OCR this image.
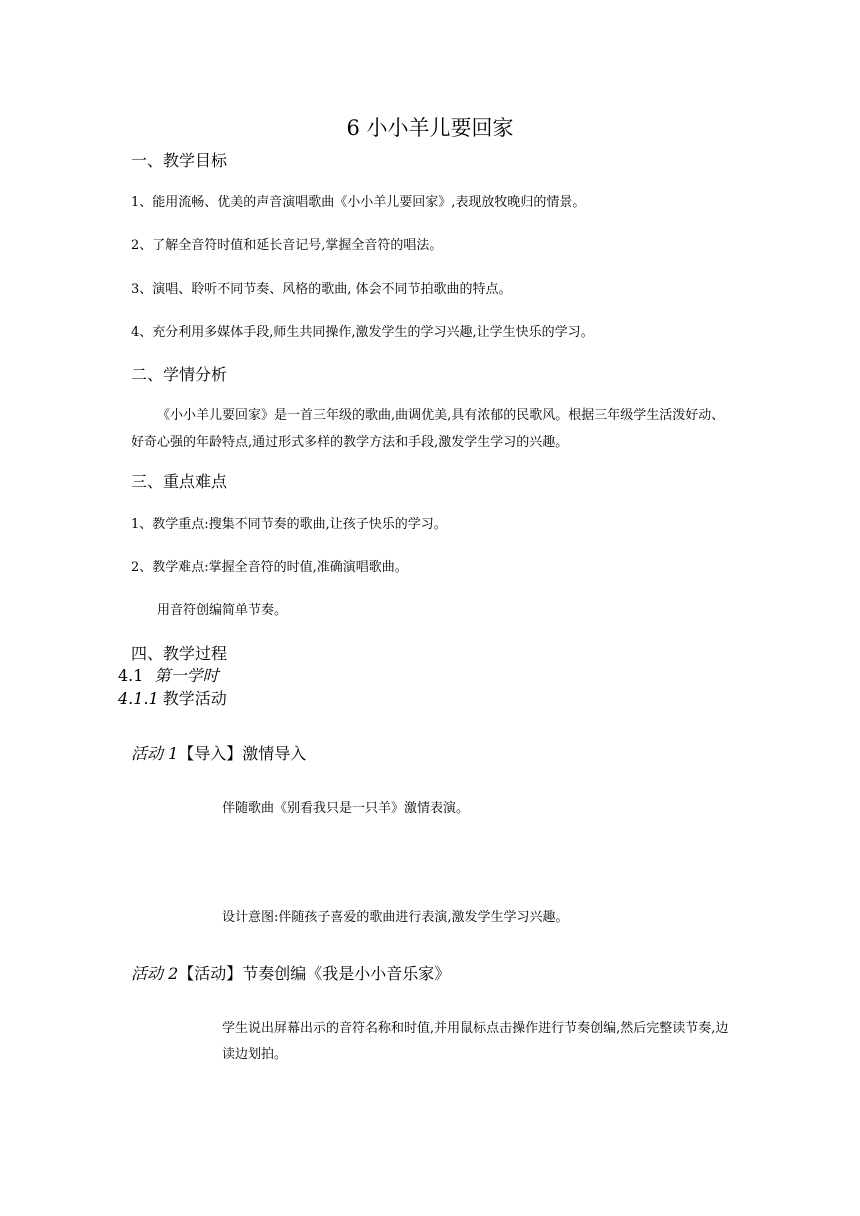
6 小小羊儿要回家
一、教学目标
1、能用流畅、优美的声音演唱歌曲《小小羊儿要回家》,表现放牧晚归的情景。
2、了解全音符时值和延长音记号,掌握全音符的唱法。
3、演唱、聆听不同节奏、风格的歌曲, 体会不同节拍歌曲的特点。
4、充分利用多媒体手段,师生共同操作,激发学生的学习兴趣,让学生快乐的学习。
二、学情分析
《小小羊儿要回家》是一首三年级的歌曲,曲调优美,具有浓郁的民歌风。根据三年级学生活泼好动、好奇心强的年龄特点,通过形式多样的教学方法和手段,激发学生学习的兴趣。
三、重点难点
1、教学重点:搜集不同节奏的歌曲,让孩子快乐的学习。
2、教学难点:掌握全音符的时值,准确演唱歌曲。
用音符创编简单节奏。
四、教学过程
4.1 第一学时
4.1.1 教学活动
活动 1【导入】激情导入
伴随歌曲《别看我只是一只羊》激情表演。
设计意图:伴随孩子喜爱的歌曲进行表演,激发学生学习兴趣。
活动 2【活动】节奏创编《我是小小音乐家》
学生说出屏幕出示的音符名称和时值,并用鼠标点击操作进行节奏创编,然后完整读节奏,边读边划拍。
